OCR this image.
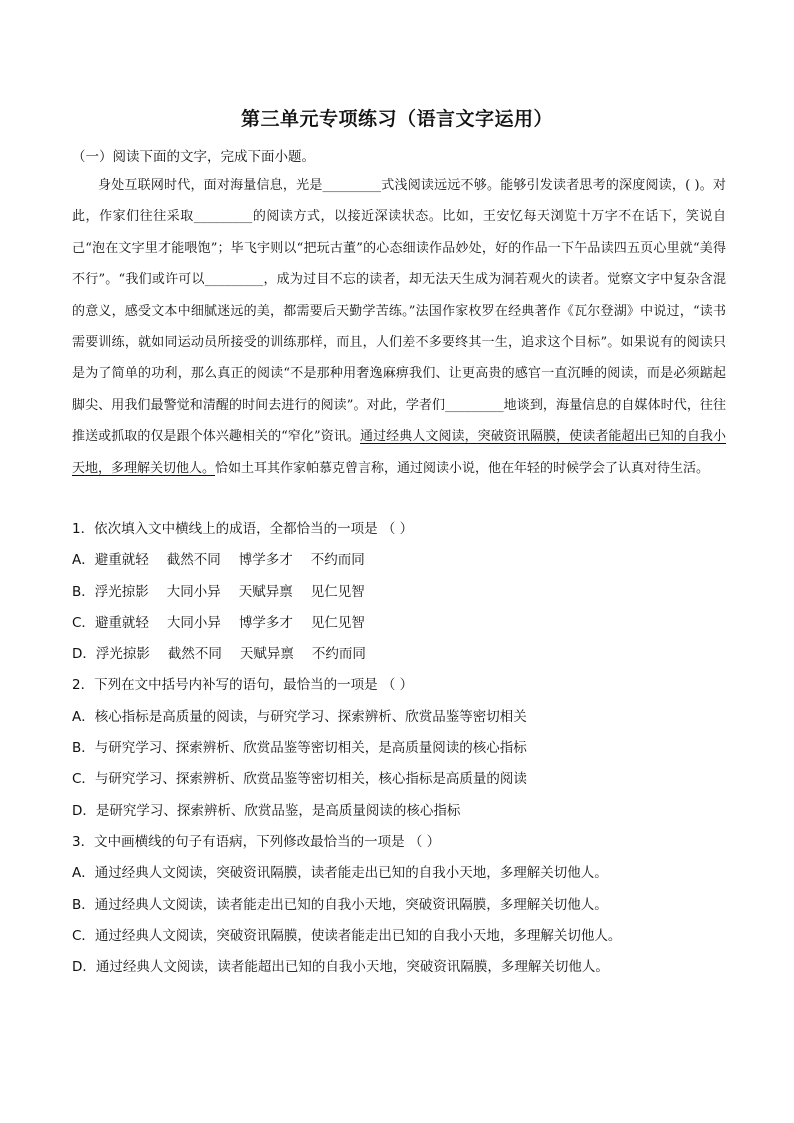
第三单元专项练习（语言文字运用）
（一）阅读下面的文字，完成下面小题。
身处互联网时代，面对海量信息，光是_________式浅阅读远远不够。能够引发读者思考的深度阅读，( )。对此，作家们往往采取_________的阅读方式，以接近深读状态。比如，王安忆每天浏览十万字不在话下，笑说自己“泡在文字里才能喂饱”；毕飞宇则以“把玩古董”的心态细读作品妙处，好的作品一下午品读四五页心里就“美得不行”。“我们或许可以_________，成为过目不忘的读者，却无法天生成为洞若观火的读者。觉察文字中复杂含混的意义，感受文本中细腻迷远的美，都需要后天勤学苦练。”法国作家枚罗在经典著作《瓦尔登湖》中说过，“读书需要训练，就如同运动员所接受的训练那样，而且，人们差不多要终其一生，追求这个目标”。如果说有的阅读只是为了简单的功利，那么真正的阅读“不是那种用奢逸麻痹我们、让更高贵的感官一直沉睡的阅读，而是必须踮起脚尖、用我们最警觉和清醒的时间去进行的阅读”。对此，学者们_________地谈到，海量信息的自媒体时代，往往推送或抓取的仅是跟个体兴趣相关的“窄化”资讯。通过经典人文阅读，突破资讯隔膜，使读者能超出已知的自我小天地，多理解关切他人。恰如土耳其作家帕慕克曾言称，通过阅读小说，他在年轻的时候学会了认真对待生活。
1．依次填入文中横线上的成语，全都恰当的一项是 （ ）
A．避重就轻 截然不同 博学多才 不约而同
B．浮光掠影 大同小异 天赋异禀 见仁见智
C．避重就轻 大同小异 博学多才 见仁见智
D．浮光掠影 截然不同 天赋异禀 不约而同
2．下列在文中括号内补写的语句，最恰当的一项是 （ ）
A．核心指标是高质量的阅读，与研究学习、探索辨析、欣赏品鉴等密切相关
B．与研究学习、探索辨析、欣赏品鉴等密切相关，是高质量阅读的核心指标
C．与研究学习、探索辨析、欣赏品鉴等密切相关，核心指标是高质量的阅读
D．是研究学习、探索辨析、欣赏品鉴，是高质量阅读的核心指标
3．文中画横线的句子有语病，下列修改最恰当的一项是 （ ）
A．通过经典人文阅读，突破资讯隔膜，读者能走出已知的自我小天地，多理解关切他人。
B．通过经典人文阅读，读者能走出已知的自我小天地，突破资讯隔膜，多理解关切他人。
C．通过经典人文阅读，突破资讯隔膜，使读者能走出已知的自我小天地，多理解关切他人。
D．通过经典人文阅读，读者能超出已知的自我小天地，突破资讯隔膜，多理解关切他人。
